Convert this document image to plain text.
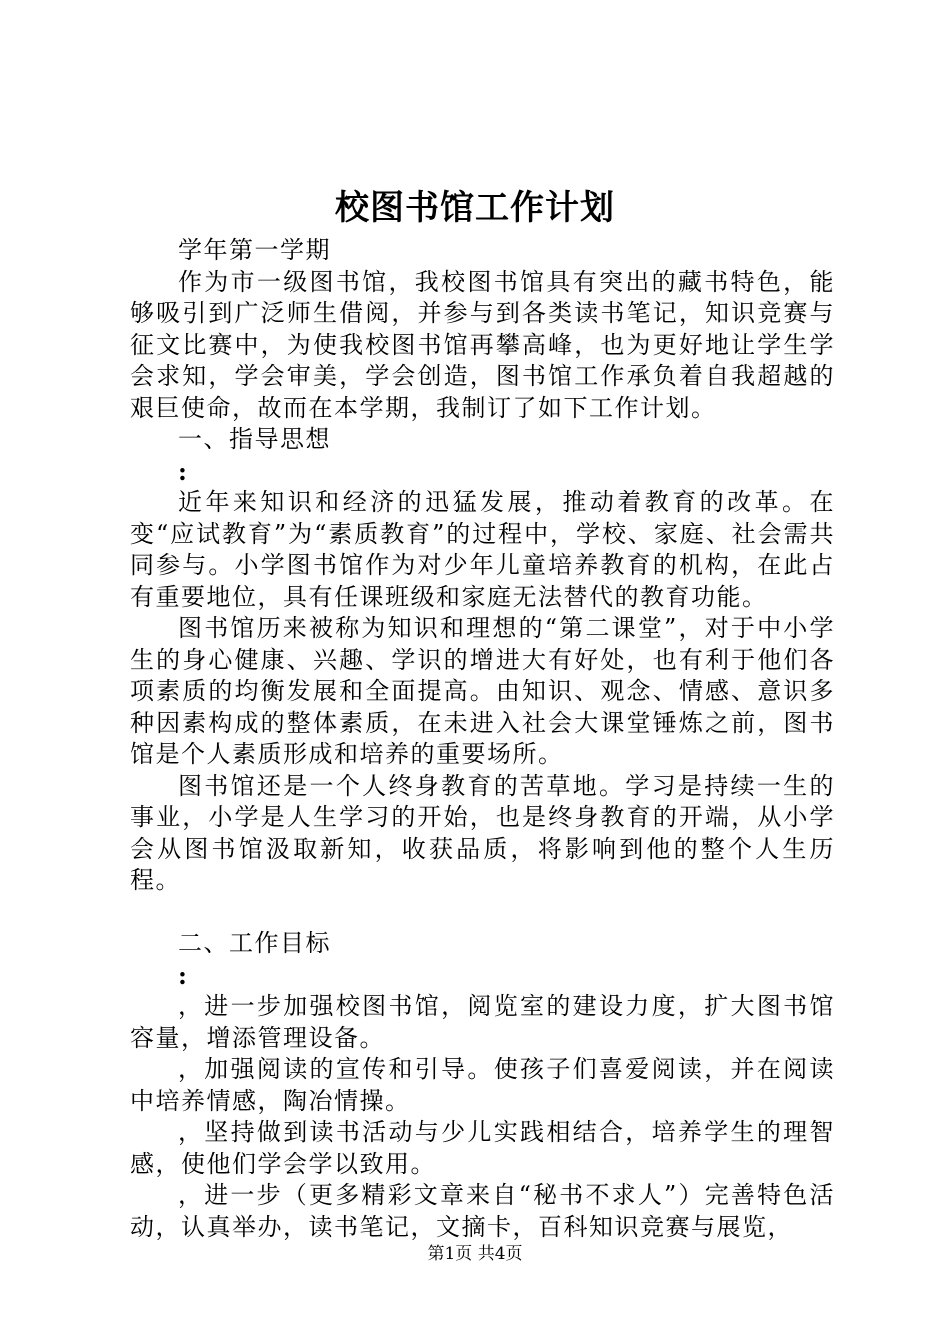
校图书馆工作计划

学年第一学期

作为市一级图书馆，我校图书馆具有突出的藏书特色，能够吸引到广泛师生借阅，并参与到各类读书笔记，知识竞赛与征文比赛中，为使我校图书馆再攀高峰，也为更好地让学生学会求知，学会审美，学会创造，图书馆工作承负着自我超越的艰巨使命，故而在本学期，我制订了如下工作计划。

一、指导思想

:

近年来知识和经济的迅猛发展，推动着教育的改革。在变“应试教育”为“素质教育”的过程中，学校、家庭、社会需共同参与。小学图书馆作为对少年儿童培养教育的机构，在此占有重要地位，具有任课班级和家庭无法替代的教育功能。

图书馆历来被称为知识和理想的“第二课堂”，对于中小学生的身心健康、兴趣、学识的增进大有好处，也有利于他们各项素质的均衡发展和全面提高。由知识、观念、情感、意识多种因素构成的整体素质，在未进入社会大课堂锤炼之前，图书馆是个人素质形成和培养的重要场所。

图书馆还是一个人终身教育的苦草地。学习是持续一生的事业，小学是人生学习的开始，也是终身教育的开端，从小学会从图书馆汲取新知，收获品质，将影响到他的整个人生历程。

二、工作目标

:

，进一步加强校图书馆，阅览室的建设力度，扩大图书馆容量，增添管理设备。

，加强阅读的宣传和引导。使孩子们喜爱阅读，并在阅读中培养情感，陶冶情操。

，坚持做到读书活动与少儿实践相结合，培养学生的理智感，使他们学会学以致用。

，进一步（更多精彩文章来自“秘书不求人”）完善特色活动，认真举办，读书笔记，文摘卡，百科知识竞赛与展览，

第1页 共4页
